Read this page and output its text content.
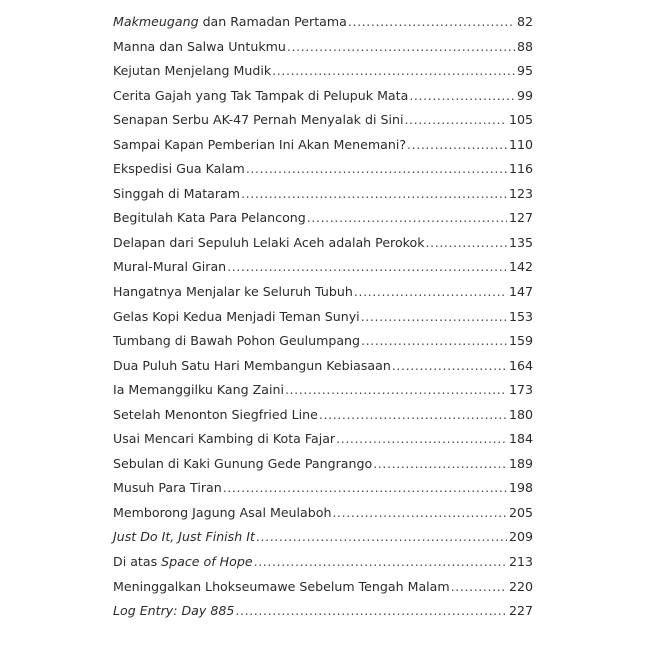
Makmeugang dan Ramadan Pertama .....	82
Manna dan Salwa Untukmu .....	88
Kejutan Menjelang Mudik .....	95
Cerita Gajah yang Tak Tampak di Pelupuk Mata .....	99
Senapan Serbu AK-47 Pernah Menyalak di Sini .....	105
Sampai Kapan Pemberian Ini Akan Menemani? .....	110
Ekspedisi Gua Kalam .....	116
Singgah di Mataram .....	123
Begitulah Kata Para Pelancong .....	127
Delapan dari Sepuluh Lelaki Aceh adalah Perokok .....	135
Mural-Mural Giran .....	142
Hangatnya Menjalar ke Seluruh Tubuh .....	147
Gelas Kopi Kedua Menjadi Teman Sunyi .....	153
Tumbang di Bawah Pohon Geulumpang .....	159
Dua Puluh Satu Hari Membangun Kebiasaan .....	164
Ia Memanggilku Kang Zaini .....	173
Setelah Menonton Siegfried Line .....	180
Usai Mencari Kambing di Kota Fajar .....	184
Sebulan di Kaki Gunung Gede Pangrango .....	189
Musuh Para Tiran .....	198
Memborong Jagung Asal Meulaboh .....	205
Just Do It, Just Finish It .....	209
Di atas Space of Hope .....	213
Meninggalkan Lhokseumawe Sebelum Tengah Malam .....	220
Log Entry: Day 885 .....	227
